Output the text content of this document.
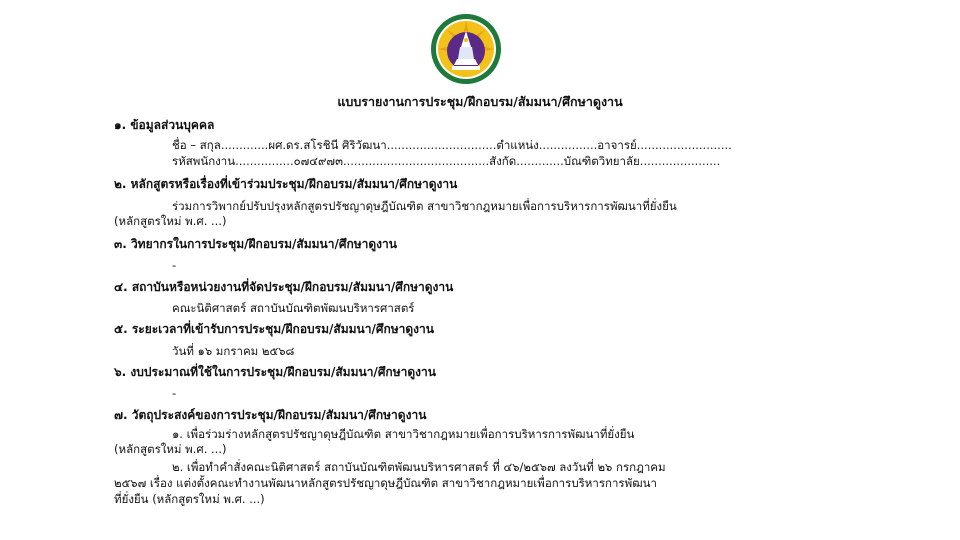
แบบรายงานการประชุม/ฝึกอบรม/สัมมนา/ศึกษาดูงาน
๑. ข้อมูลส่วนบุคคล
ชื่อ – สกุล.............ผศ.ดร.สโรชินี ศิริวัฒนา..............................ตำแหน่ง................อาจารย์..........................
รหัสพนักงาน................๐๗๔๙๗๓........................................สังกัด.............บัณฑิตวิทยาลัย......................
๒. หลักสูตรหรือเรื่องที่เข้าร่วมประชุม/ฝึกอบรม/สัมมนา/ศึกษาดูงาน
ร่วมการวิพากย์ปรับปรุงหลักสูตรปรัชญาดุษฎีบัณฑิต สาขาวิชากฎหมายเพื่อการบริหารการพัฒนาที่ยั่งยืน
(หลักสูตรใหม่ พ.ศ. ...)
๓. วิทยากรในการประชุม/ฝึกอบรม/สัมมนา/ศึกษาดูงาน
-
๔. สถาบันหรือหน่วยงานที่จัดประชุม/ฝึกอบรม/สัมมนา/ศึกษาดูงาน
คณะนิติศาสตร์ สถาบันบัณฑิตพัฒนบริหารศาสตร์
๕. ระยะเวลาที่เข้ารับการประชุม/ฝึกอบรม/สัมมนา/ศึกษาดูงาน
วันที่ ๑๖ มกราคม ๒๕๖๘
๖. งบประมาณที่ใช้ในการประชุม/ฝึกอบรม/สัมมนา/ศึกษาดูงาน
-
๗. วัตถุประสงค์ของการประชุม/ฝึกอบรม/สัมมนา/ศึกษาดูงาน
๑. เพื่อร่วมร่างหลักสูตรปรัชญาดุษฎีบัณฑิต สาขาวิชากฎหมายเพื่อการบริหารการพัฒนาที่ยั่งยืน
(หลักสูตรใหม่ พ.ศ. ...)
๒. เพื่อทำคำสั่งคณะนิติศาสตร์ สถาบันบัณฑิตพัฒนบริหารศาสตร์ ที่ ๔๖/๒๕๖๗ ลงวันที่ ๒๖ กรกฎาคม
๒๕๖๗ เรื่อง แต่งตั้งคณะทำงานพัฒนาหลักสูตรปรัชญาดุษฎีบัณฑิต สาขาวิชากฎหมายเพื่อการบริหารการพัฒนา
ที่ยั่งยืน (หลักสูตรใหม่ พ.ศ. ...)
